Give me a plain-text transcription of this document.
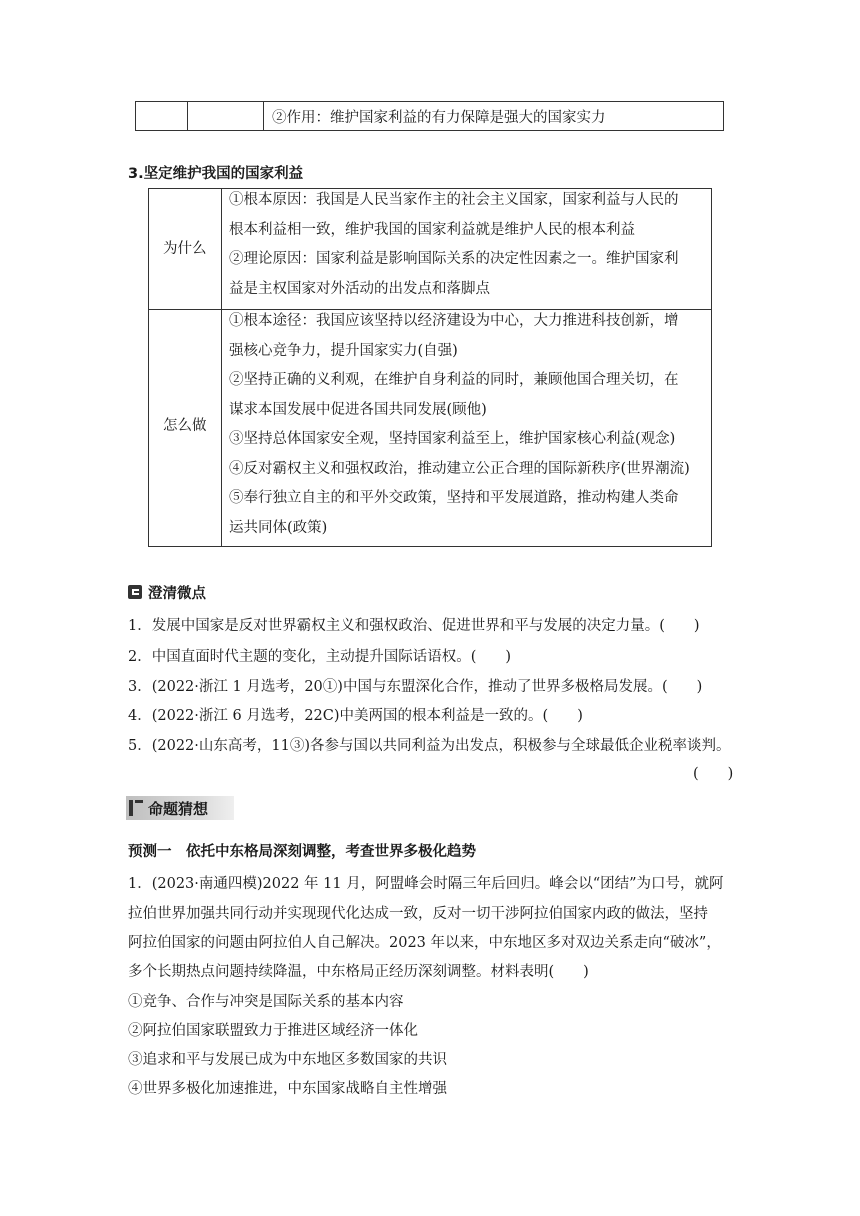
②作用：维护国家利益的有力保障是强大的国家实力
3.坚定维护我国的国家利益
为什么
①根本原因：我国是人民当家作主的社会主义国家，国家利益与人民的
根本利益相一致，维护我国的国家利益就是维护人民的根本利益
②理论原因：国家利益是影响国际关系的决定性因素之一。维护国家利
益是主权国家对外活动的出发点和落脚点
怎么做
①根本途径：我国应该坚持以经济建设为中心，大力推进科技创新，增
强核心竞争力，提升国家实力(自强)
②坚持正确的义利观，在维护自身利益的同时，兼顾他国合理关切，在
谋求本国发展中促进各国共同发展(顾他)
③坚持总体国家安全观，坚持国家利益至上，维护国家核心利益(观念)
④反对霸权主义和强权政治，推动建立公正合理的国际新秩序(世界潮流)
⑤奉行独立自主的和平外交政策，坚持和平发展道路，推动构建人类命
运共同体(政策)
澄清微点
1．发展中国家是反对世界霸权主义和强权政治、促进世界和平与发展的决定力量。(　　)
2．中国直面时代主题的变化，主动提升国际话语权。(　　)
3．(2022·浙江 1 月选考，20①)中国与东盟深化合作，推动了世界多极格局发展。(　　)
4．(2022·浙江 6 月选考，22C)中美两国的根本利益是一致的。(　　)
5．(2022·山东高考，11③)各参与国以共同利益为出发点，积极参与全球最低企业税率谈判。
(　　)
命题猜想
预测一　依托中东格局深刻调整，考查世界多极化趋势
1．(2023·南通四模)2022 年 11 月，阿盟峰会时隔三年后回归。峰会以“团结”为口号，就阿
拉伯世界加强共同行动并实现现代化达成一致，反对一切干涉阿拉伯国家内政的做法，坚持
阿拉伯国家的问题由阿拉伯人自己解决。2023 年以来，中东地区多对双边关系走向“破冰”，
多个长期热点问题持续降温，中东格局正经历深刻调整。材料表明(　　)
①竞争、合作与冲突是国际关系的基本内容
②阿拉伯国家联盟致力于推进区域经济一体化
③追求和平与发展已成为中东地区多数国家的共识
④世界多极化加速推进，中东国家战略自主性增强
